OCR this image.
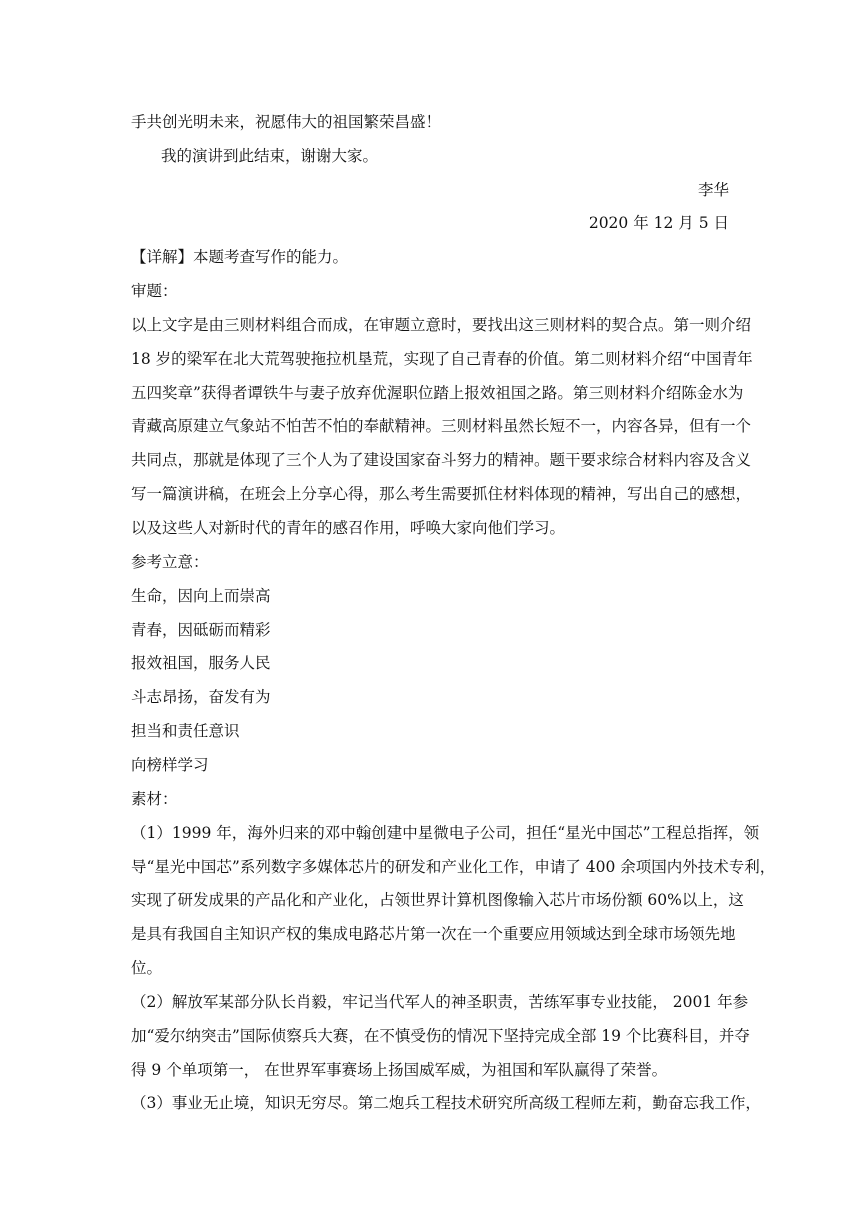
手共创光明未来，祝愿伟大的祖国繁荣昌盛！
我的演讲到此结束，谢谢大家。
李华
2020 年 12 月 5 日
【详解】本题考查写作的能力。
审题：
以上文字是由三则材料组合而成，在审题立意时，要找出这三则材料的契合点。第一则介绍
18 岁的梁军在北大荒驾驶拖拉机垦荒，实现了自己青春的价值。第二则材料介绍“中国青年
五四奖章”获得者谭铁牛与妻子放弃优渥职位踏上报效祖国之路。第三则材料介绍陈金水为
青藏高原建立气象站不怕苦不怕的奉献精神。三则材料虽然长短不一，内容各异，但有一个
共同点，那就是体现了三个人为了建设国家奋斗努力的精神。题干要求综合材料内容及含义
写一篇演讲稿，在班会上分享心得，那么考生需要抓住材料体现的精神，写出自己的感想，
以及这些人对新时代的青年的感召作用，呼唤大家向他们学习。
参考立意：
生命，因向上而崇高
青春，因砥砺而精彩
报效祖国，服务人民
斗志昂扬，奋发有为
担当和责任意识
向榜样学习
素材：
（1）1999 年，海外归来的邓中翰创建中星微电子公司，担任“星光中国芯”工程总指挥，领
导“星光中国芯”系列数字多媒体芯片的研发和产业化工作，申请了 400 余项国内外技术专利，
实现了研发成果的产品化和产业化，占领世界计算机图像输入芯片市场份额 60%以上，这
是具有我国自主知识产权的集成电路芯片第一次在一个重要应用领域达到全球市场领先地
位。
（2）解放军某部分队长肖毅，牢记当代军人的神圣职责，苦练军事专业技能， 2001 年参
加“爱尔纳突击”国际侦察兵大赛，在不慎受伤的情况下坚持完成全部 19 个比赛科目，并夺
得 9 个单项第一， 在世界军事赛场上扬国威军威，为祖国和军队赢得了荣誉。
（3）事业无止境，知识无穷尽。第二炮兵工程技术研究所高级工程师左莉，勤奋忘我工作，
